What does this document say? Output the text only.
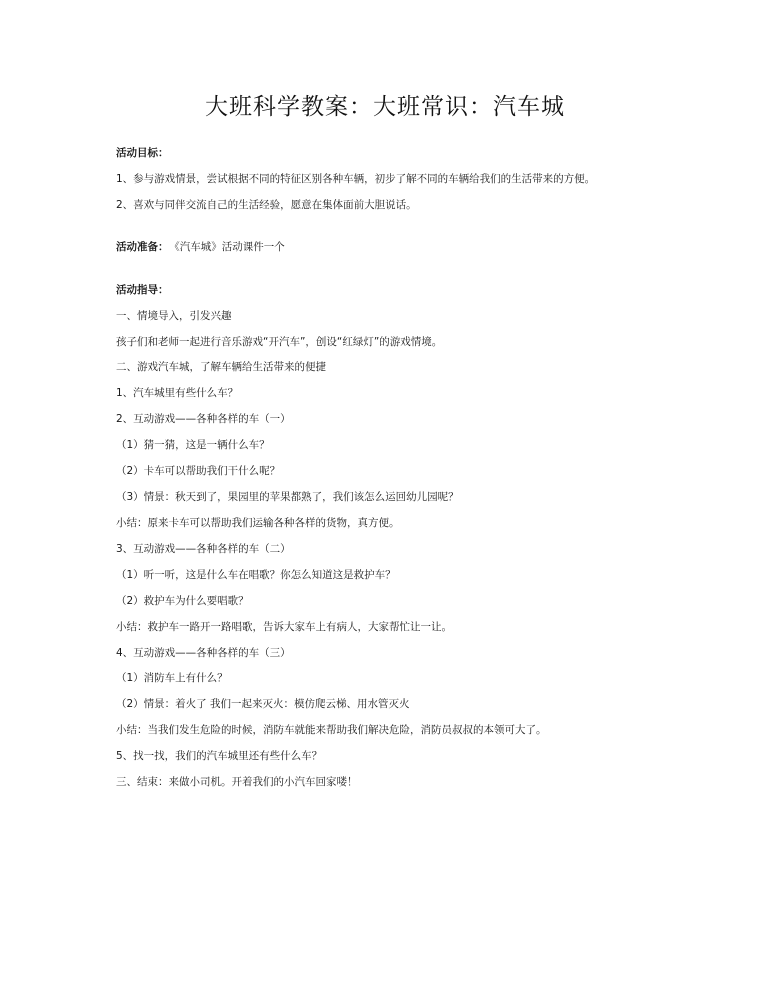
大班科学教案：大班常识：汽车城
活动目标：
1、参与游戏情景，尝试根据不同的特征区别各种车辆，初步了解不同的车辆给我们的生活带来的方便。
2、喜欢与同伴交流自己的生活经验，愿意在集体面前大胆说话。
活动准备： 《汽车城》活动课件一个
活动指导：
一、情境导入，引发兴趣
孩子们和老师一起进行音乐游戏“开汽车”，创设“红绿灯”的游戏情境。
二、游戏汽车城，了解车辆给生活带来的便捷
1、汽车城里有些什么车？
2、互动游戏——各种各样的车（一）
（1）猜一猜，这是一辆什么车？
（2）卡车可以帮助我们干什么呢？
（3）情景：秋天到了，果园里的苹果都熟了，我们该怎么运回幼儿园呢？
小结：原来卡车可以帮助我们运输各种各样的货物，真方便。
3、互动游戏——各种各样的车（二）
（1）听一听，这是什么车在唱歌？你怎么知道这是救护车？
（2）救护车为什么要唱歌？
小结：救护车一路开一路唱歌，告诉大家车上有病人，大家帮忙让一让。
4、互动游戏——各种各样的车（三）
（1）消防车上有什么？
（2）情景：着火了 我们一起来灭火：模仿爬云梯、用水管灭火
小结：当我们发生危险的时候，消防车就能来帮助我们解决危险，消防员叔叔的本领可大了。
5、找一找，我们的汽车城里还有些什么车？
三、结束：来做小司机。开着我们的小汽车回家喽！
